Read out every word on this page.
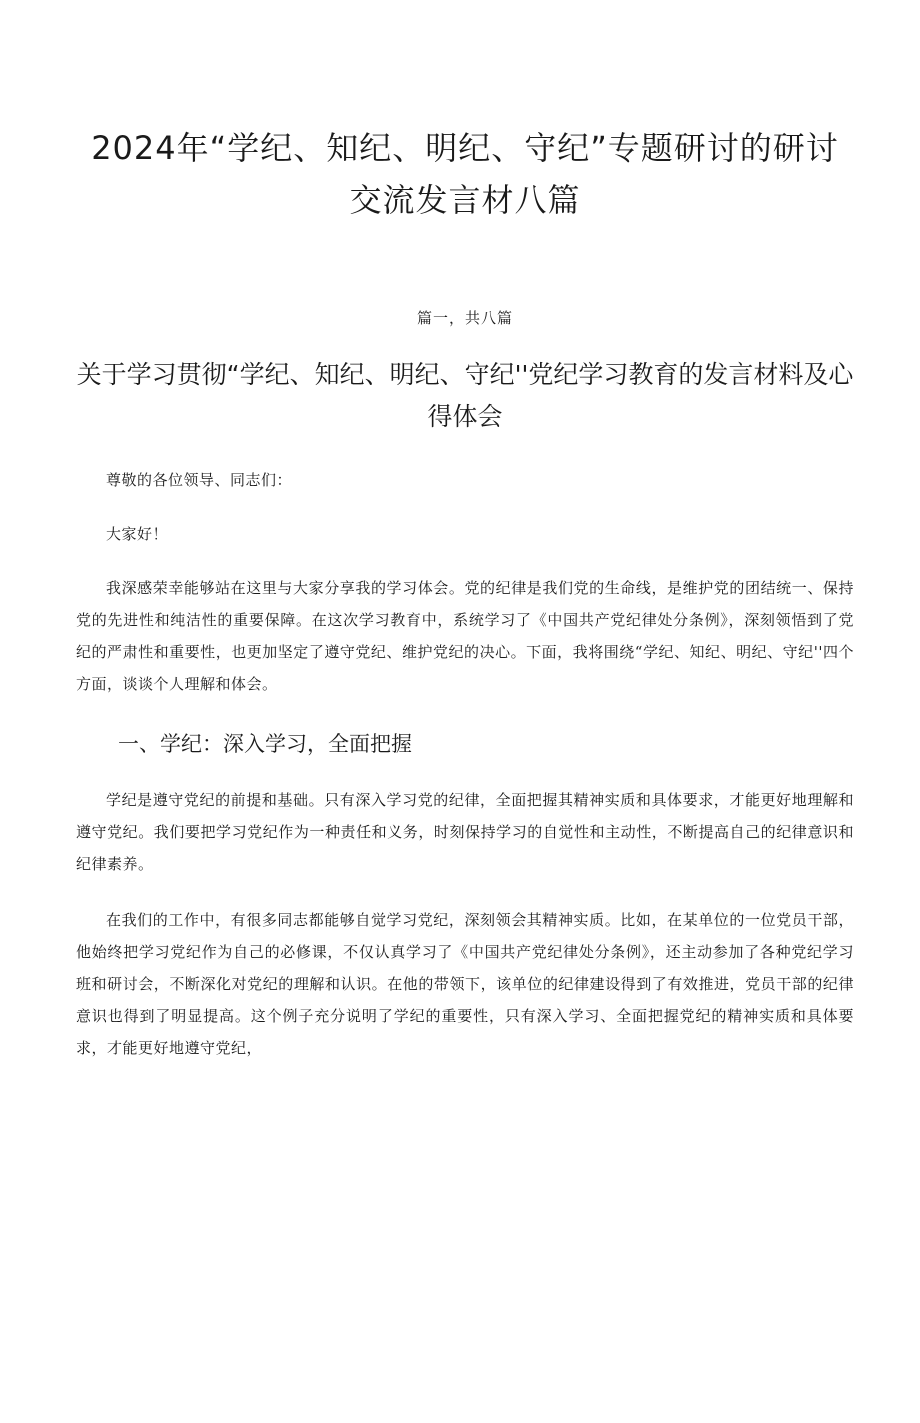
2024年“学纪、知纪、明纪、守纪”专题研讨的研讨交流发言材八篇
篇一，共八篇
关于学习贯彻“学纪、知纪、明纪、守纪''党纪学习教育的发言材料及心得体会

尊敬的各位领导、同志们：

大家好！

我深感荣幸能够站在这里与大家分享我的学习体会。党的纪律是我们党的生命线，是维护党的团结统一、保持党的先进性和纯洁性的重要保障。在这次学习教育中，系统学习了《中国共产党纪律处分条例》，深刻领悟到了党纪的严肃性和重要性，也更加坚定了遵守党纪、维护党纪的决心。下面，我将围绕“学纪、知纪、明纪、守纪''四个方面，谈谈个人理解和体会。

一、学纪：深入学习，全面把握

学纪是遵守党纪的前提和基础。只有深入学习党的纪律，全面把握其精神实质和具体要求，才能更好地理解和遵守党纪。我们要把学习党纪作为一种责任和义务，时刻保持学习的自觉性和主动性，不断提高自己的纪律意识和纪律素养。

在我们的工作中，有很多同志都能够自觉学习党纪，深刻领会其精神实质。比如，在某单位的一位党员干部，他始终把学习党纪作为自己的必修课，不仅认真学习了《中国共产党纪律处分条例》，还主动参加了各种党纪学习班和研讨会，不断深化对党纪的理解和认识。在他的带领下，该单位的纪律建设得到了有效推进，党员干部的纪律意识也得到了明显提高。这个例子充分说明了学纪的重要性，只有深入学习、全面把握党纪的精神实质和具体要求，才能更好地遵守党纪，
